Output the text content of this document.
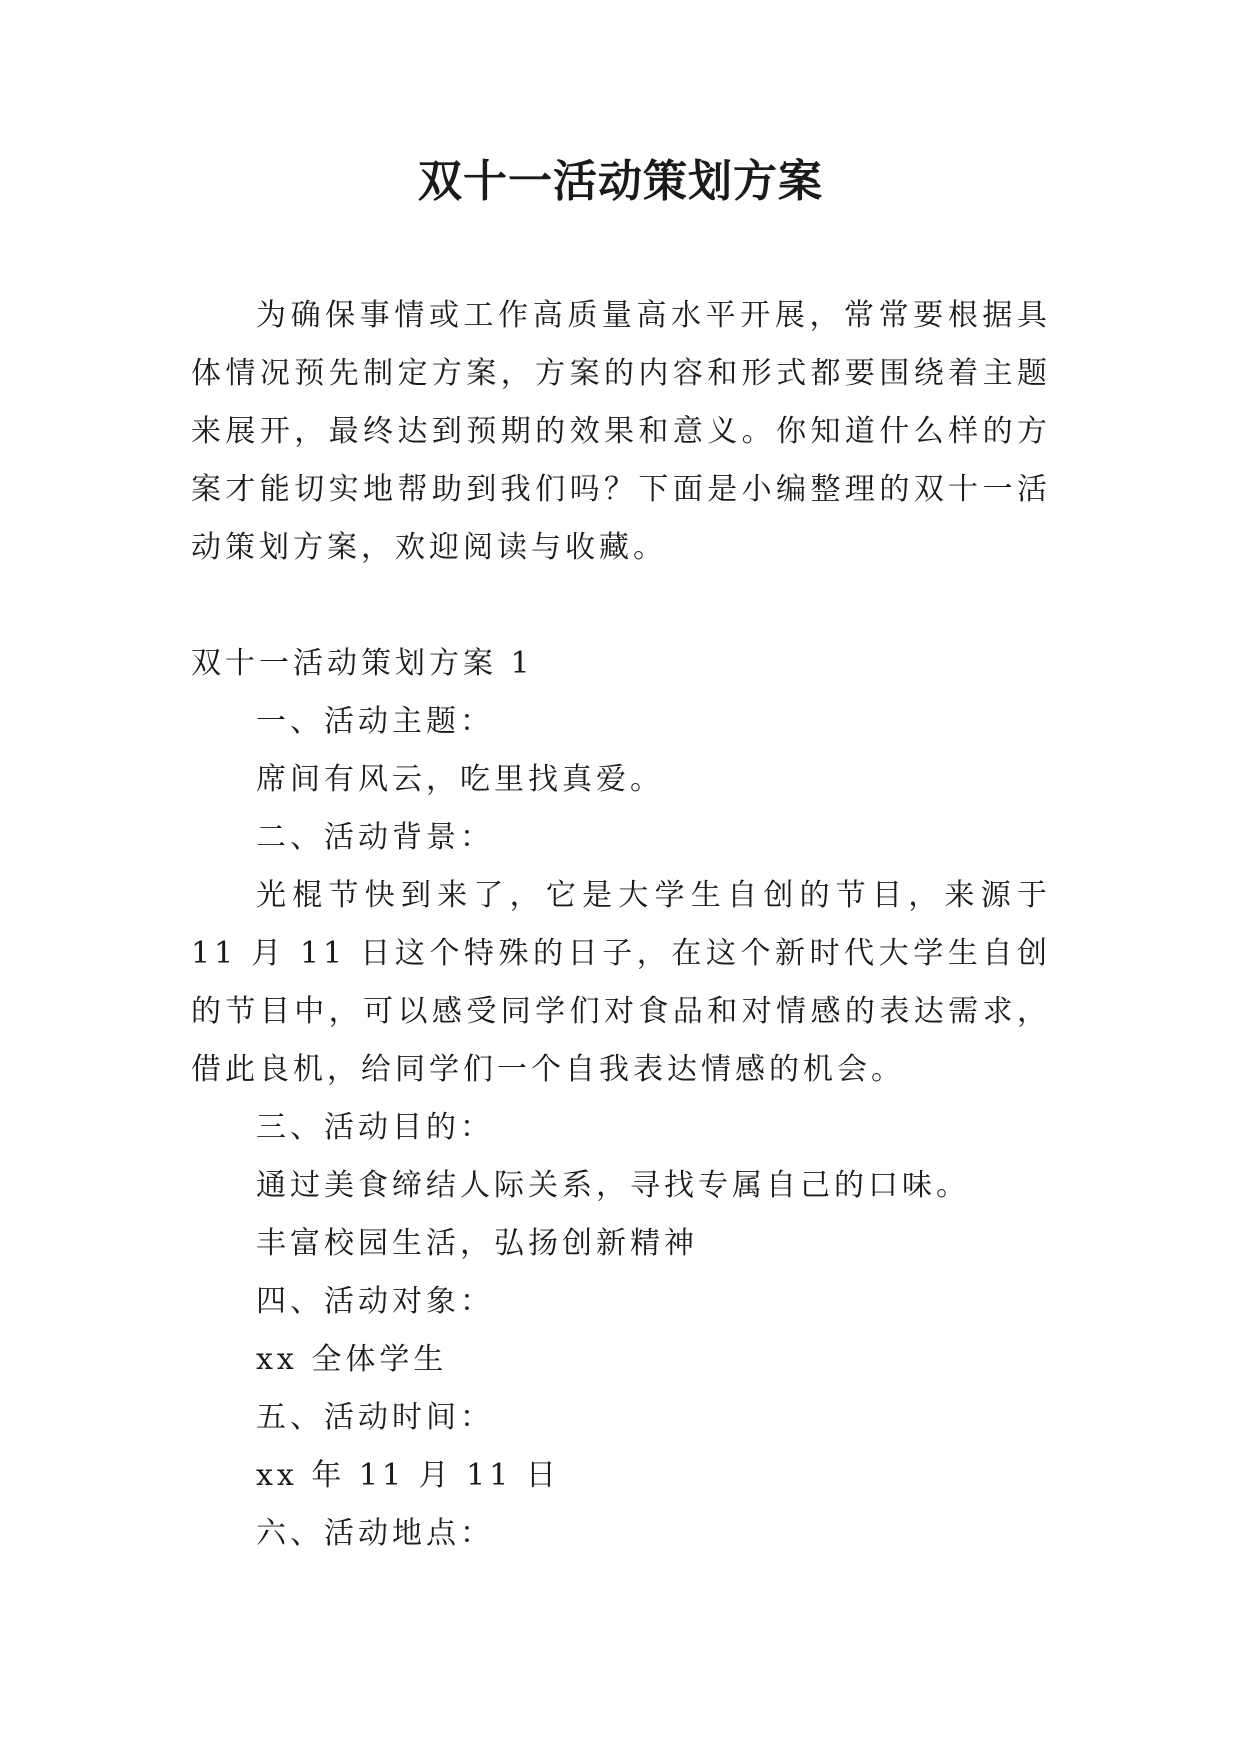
双十一活动策划方案

为确保事情或工作高质量高水平开展，常常要根据具体情况预先制定方案，方案的内容和形式都要围绕着主题来展开，最终达到预期的效果和意义。你知道什么样的方案才能切实地帮助到我们吗？下面是小编整理的双十一活动策划方案，欢迎阅读与收藏。

双十一活动策划方案 1

一、活动主题：

席间有风云，吃里找真爱。

二、活动背景：

光棍节快到来了，它是大学生自创的节目，来源于 11 月 11 日这个特殊的日子，在这个新时代大学生自创的节目中，可以感受同学们对食品和对情感的表达需求，借此良机，给同学们一个自我表达情感的机会。

三、活动目的：

通过美食缔结人际关系，寻找专属自己的口味。

丰富校园生活，弘扬创新精神

四、活动对象：

xx 全体学生

五、活动时间：

xx 年 11 月 11 日

六、活动地点：
